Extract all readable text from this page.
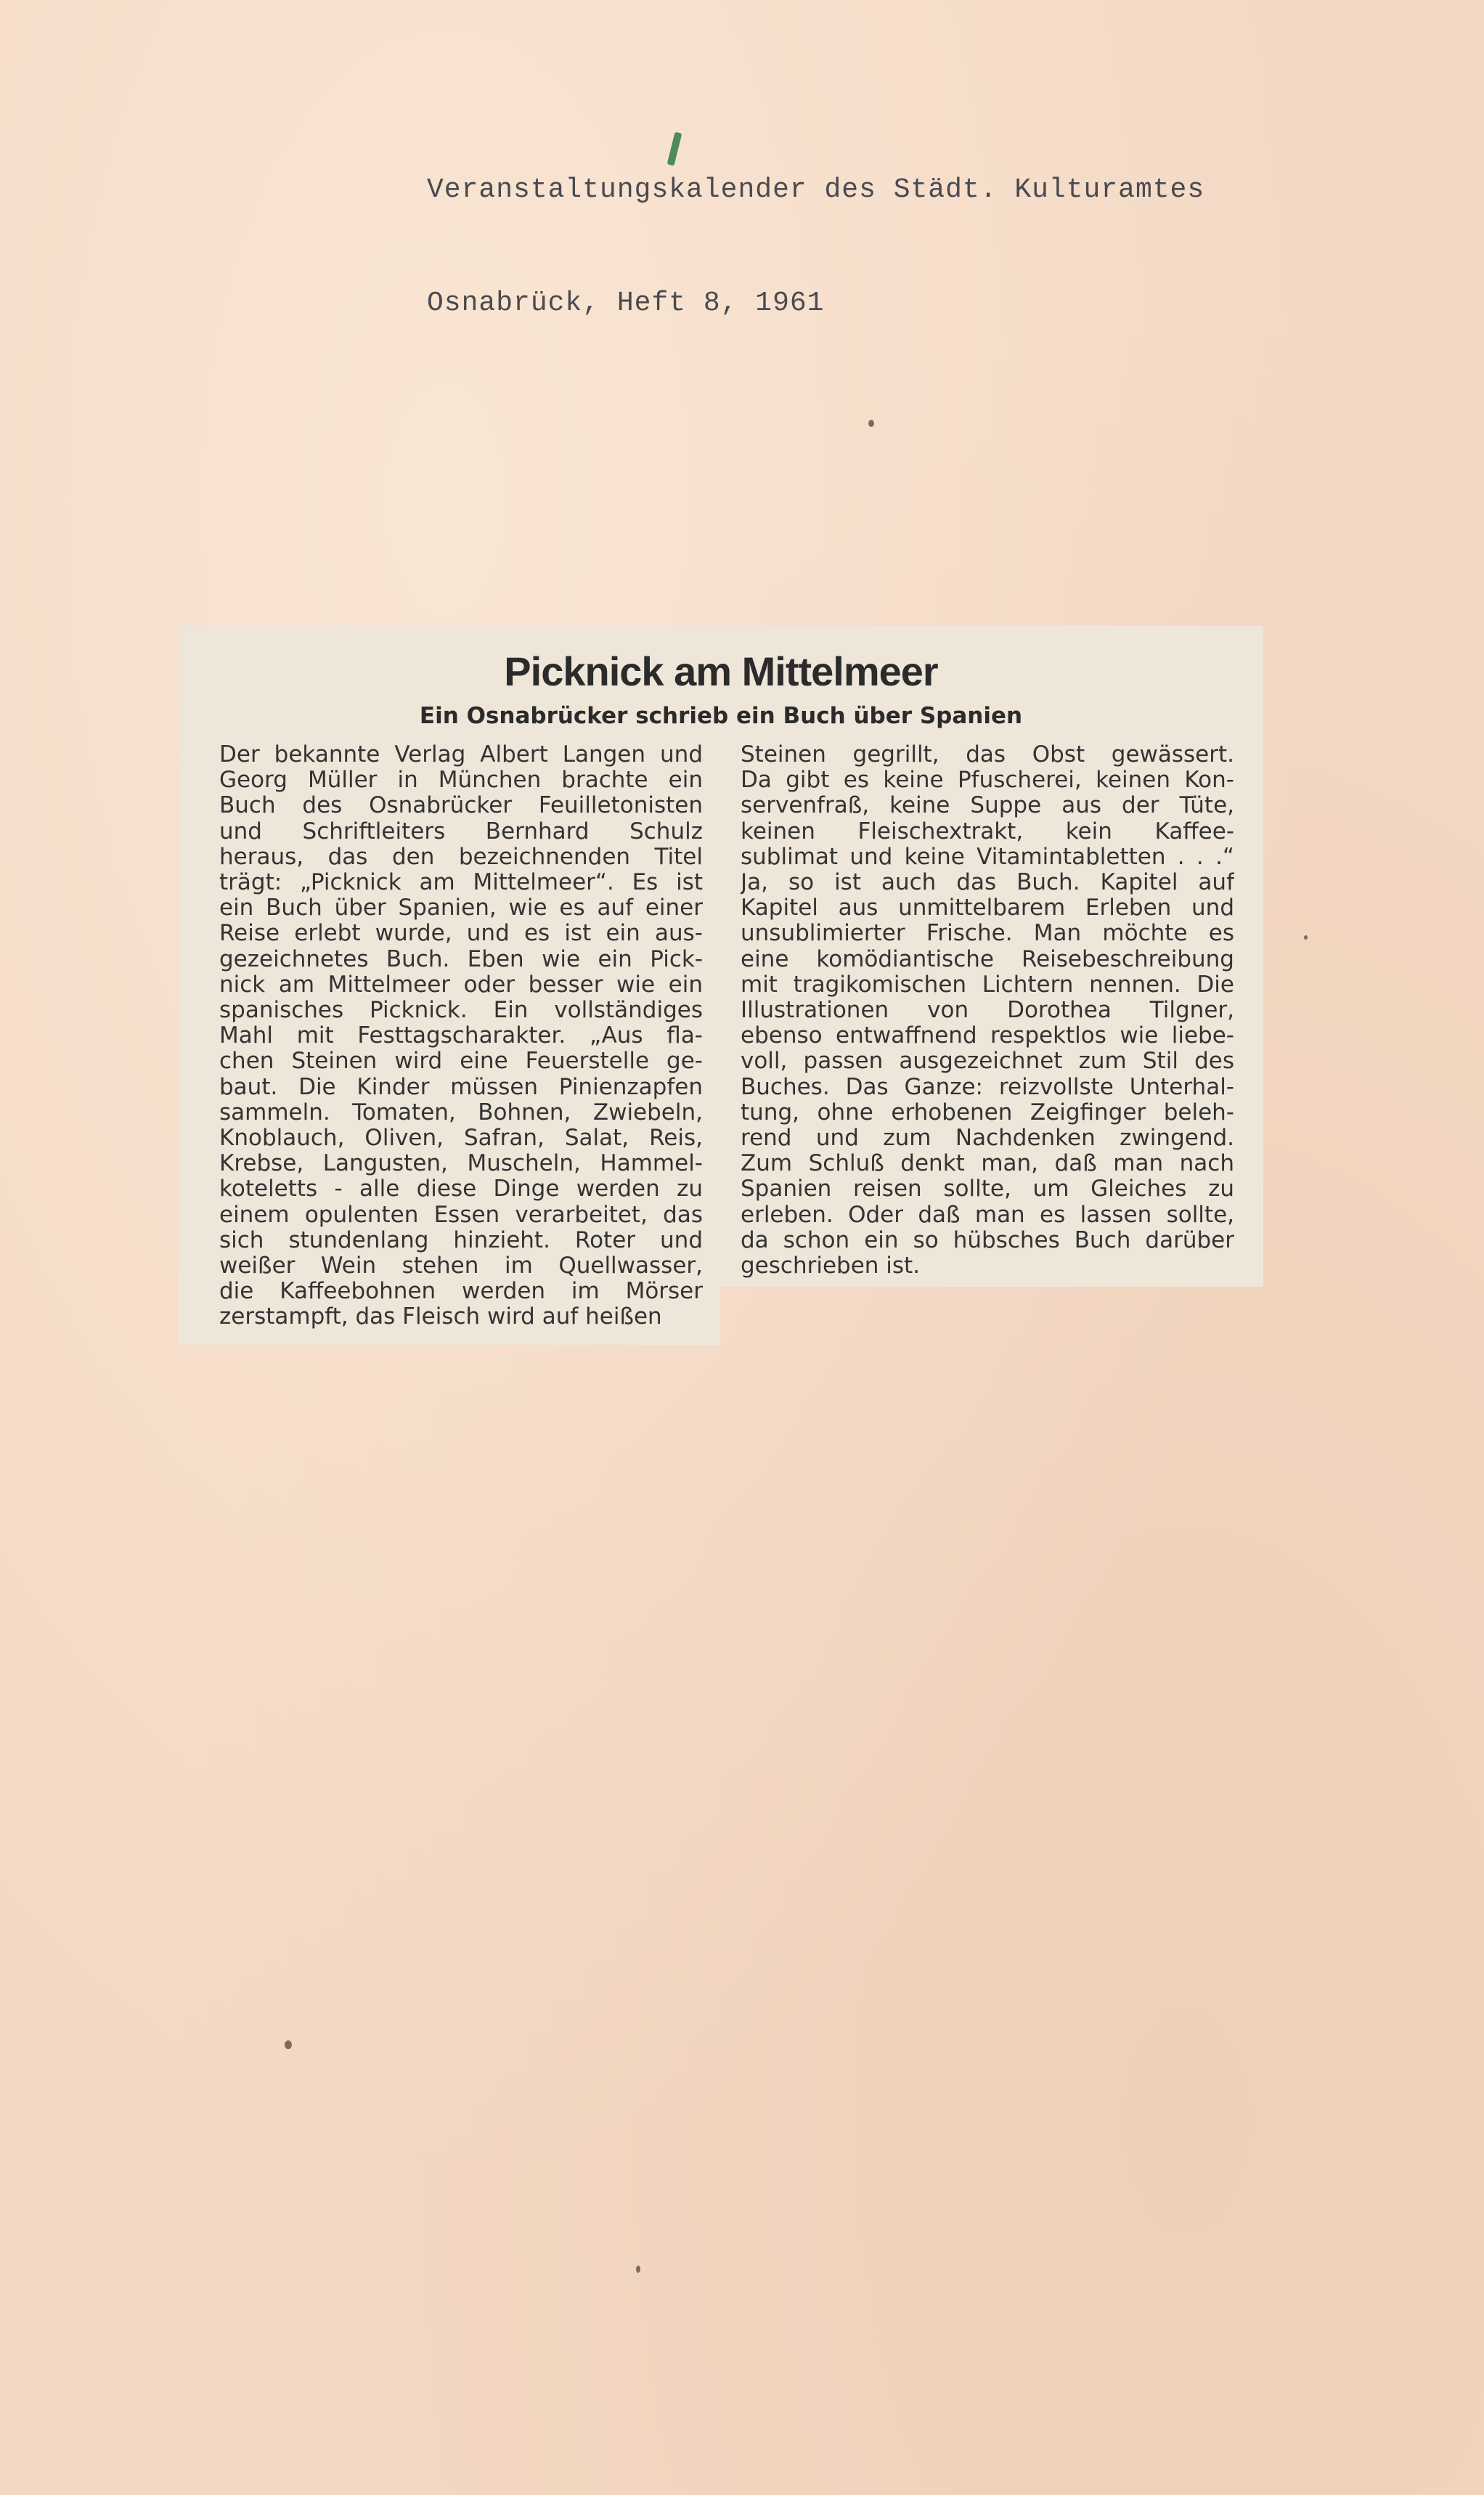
Veranstaltungskalender des Städt. Kulturamtes

Osnabrück, Heft 8, 1961

Picknick am Mittelmeer
Ein Osnabrücker schrieb ein Buch über Spanien
Der bekannte Verlag Albert Langen und
Georg Müller in München brachte ein
Buch des Osnabrücker Feuilletonisten
und Schriftleiters Bernhard Schulz
heraus, das den bezeichnenden Titel
trägt: „Picknick am Mittelmeer“. Es ist
ein Buch über Spanien, wie es auf einer
Reise erlebt wurde, und es ist ein aus-
gezeichnetes Buch. Eben wie ein Pick-
nick am Mittelmeer oder besser wie ein
spanisches Picknick. Ein vollständiges
Mahl mit Festtagscharakter. „Aus fla-
chen Steinen wird eine Feuerstelle ge-
baut. Die Kinder müssen Pinienzapfen
sammeln. Tomaten, Bohnen, Zwiebeln,
Knoblauch, Oliven, Safran, Salat, Reis,
Krebse, Langusten, Muscheln, Hammel-
koteletts - alle diese Dinge werden zu
einem opulenten Essen verarbeitet, das
sich stundenlang hinzieht. Roter und
weißer Wein stehen im Quellwasser,
die Kaffeebohnen werden im Mörser
zerstampft, das Fleisch wird auf heißen
Steinen gegrillt, das Obst gewässert.
Da gibt es keine Pfuscherei, keinen Kon-
servenfraß, keine Suppe aus der Tüte,
keinen Fleischextrakt, kein Kaffee-
sublimat und keine Vitamintabletten . . .“
Ja, so ist auch das Buch. Kapitel auf
Kapitel aus unmittelbarem Erleben und
unsublimierter Frische. Man möchte es
eine komödiantische Reisebeschreibung
mit tragikomischen Lichtern nennen. Die
Illustrationen von Dorothea Tilgner,
ebenso entwaffnend respektlos wie liebe-
voll, passen ausgezeichnet zum Stil des
Buches. Das Ganze: reizvollste Unterhal-
tung, ohne erhobenen Zeigfinger beleh-
rend und zum Nachdenken zwingend.
Zum Schluß denkt man, daß man nach
Spanien reisen sollte, um Gleiches zu
erleben. Oder daß man es lassen sollte,
da schon ein so hübsches Buch darüber
geschrieben ist.
